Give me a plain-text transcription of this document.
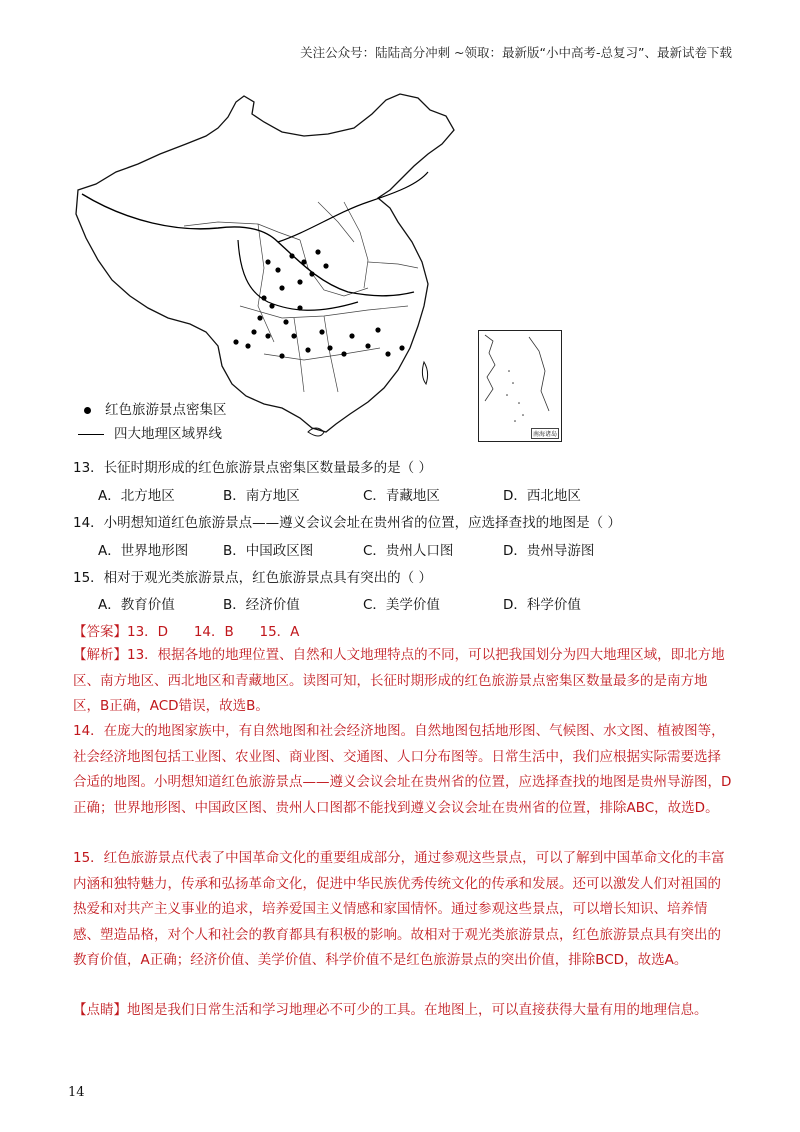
关注公众号：陆陆高分冲刺 ~领取：最新版“小中高考-总复习”、最新试卷下载
南海诸岛
红色旅游景点密集区
四大地理区域界线
13．长征时期形成的红色旅游景点密集区数量最多的是（ ）
A．北方地区	B．南方地区	C．青藏地区	D．西北地区
14．小明想知道红色旅游景点——遵义会议会址在贵州省的位置，应选择查找的地图是（ ）
A．世界地形图	B．中国政区图	C．贵州人口图	D．贵州导游图
15．相对于观光类旅游景点，红色旅游景点具有突出的（ ）
A．教育价值	B．经济价值	C．美学价值	D．科学价值
【答案】13．D      14．B      15．A
【解析】13．根据各地的地理位置、自然和人文地理特点的不同，可以把我国划分为四大地理区域，即北方地区、南方地区、西北地区和青藏地区。读图可知，长征时期形成的红色旅游景点密集区数量最多的是南方地区，B正确，ACD错误，故选B。
14．在庞大的地图家族中，有自然地图和社会经济地图。自然地图包括地形图、气候图、水文图、植被图等，社会经济地图包括工业图、农业图、商业图、交通图、人口分布图等。日常生活中，我们应根据实际需要选择合适的地图。小明想知道红色旅游景点——遵义会议会址在贵州省的位置，应选择查找的地图是贵州导游图，D正确；世界地形图、中国政区图、贵州人口图都不能找到遵义会议会址在贵州省的位置，排除ABC，故选D。
15．红色旅游景点代表了中国革命文化的重要组成部分，通过参观这些景点，可以了解到中国革命文化的丰富内涵和独特魅力，传承和弘扬革命文化，促进中华民族优秀传统文化的传承和发展。还可以激发人们对祖国的热爱和对共产主义事业的追求，培养爱国主义情感和家国情怀。通过参观这些景点，可以增长知识、培养情感、塑造品格，对个人和社会的教育都具有积极的影响。故相对于观光类旅游景点，红色旅游景点具有突出的教育价值，A正确；经济价值、美学价值、科学价值不是红色旅游景点的突出价值，排除BCD，故选A。
【点睛】地图是我们日常生活和学习地理必不可少的工具。在地图上，可以直接获得大量有用的地理信息。
14
